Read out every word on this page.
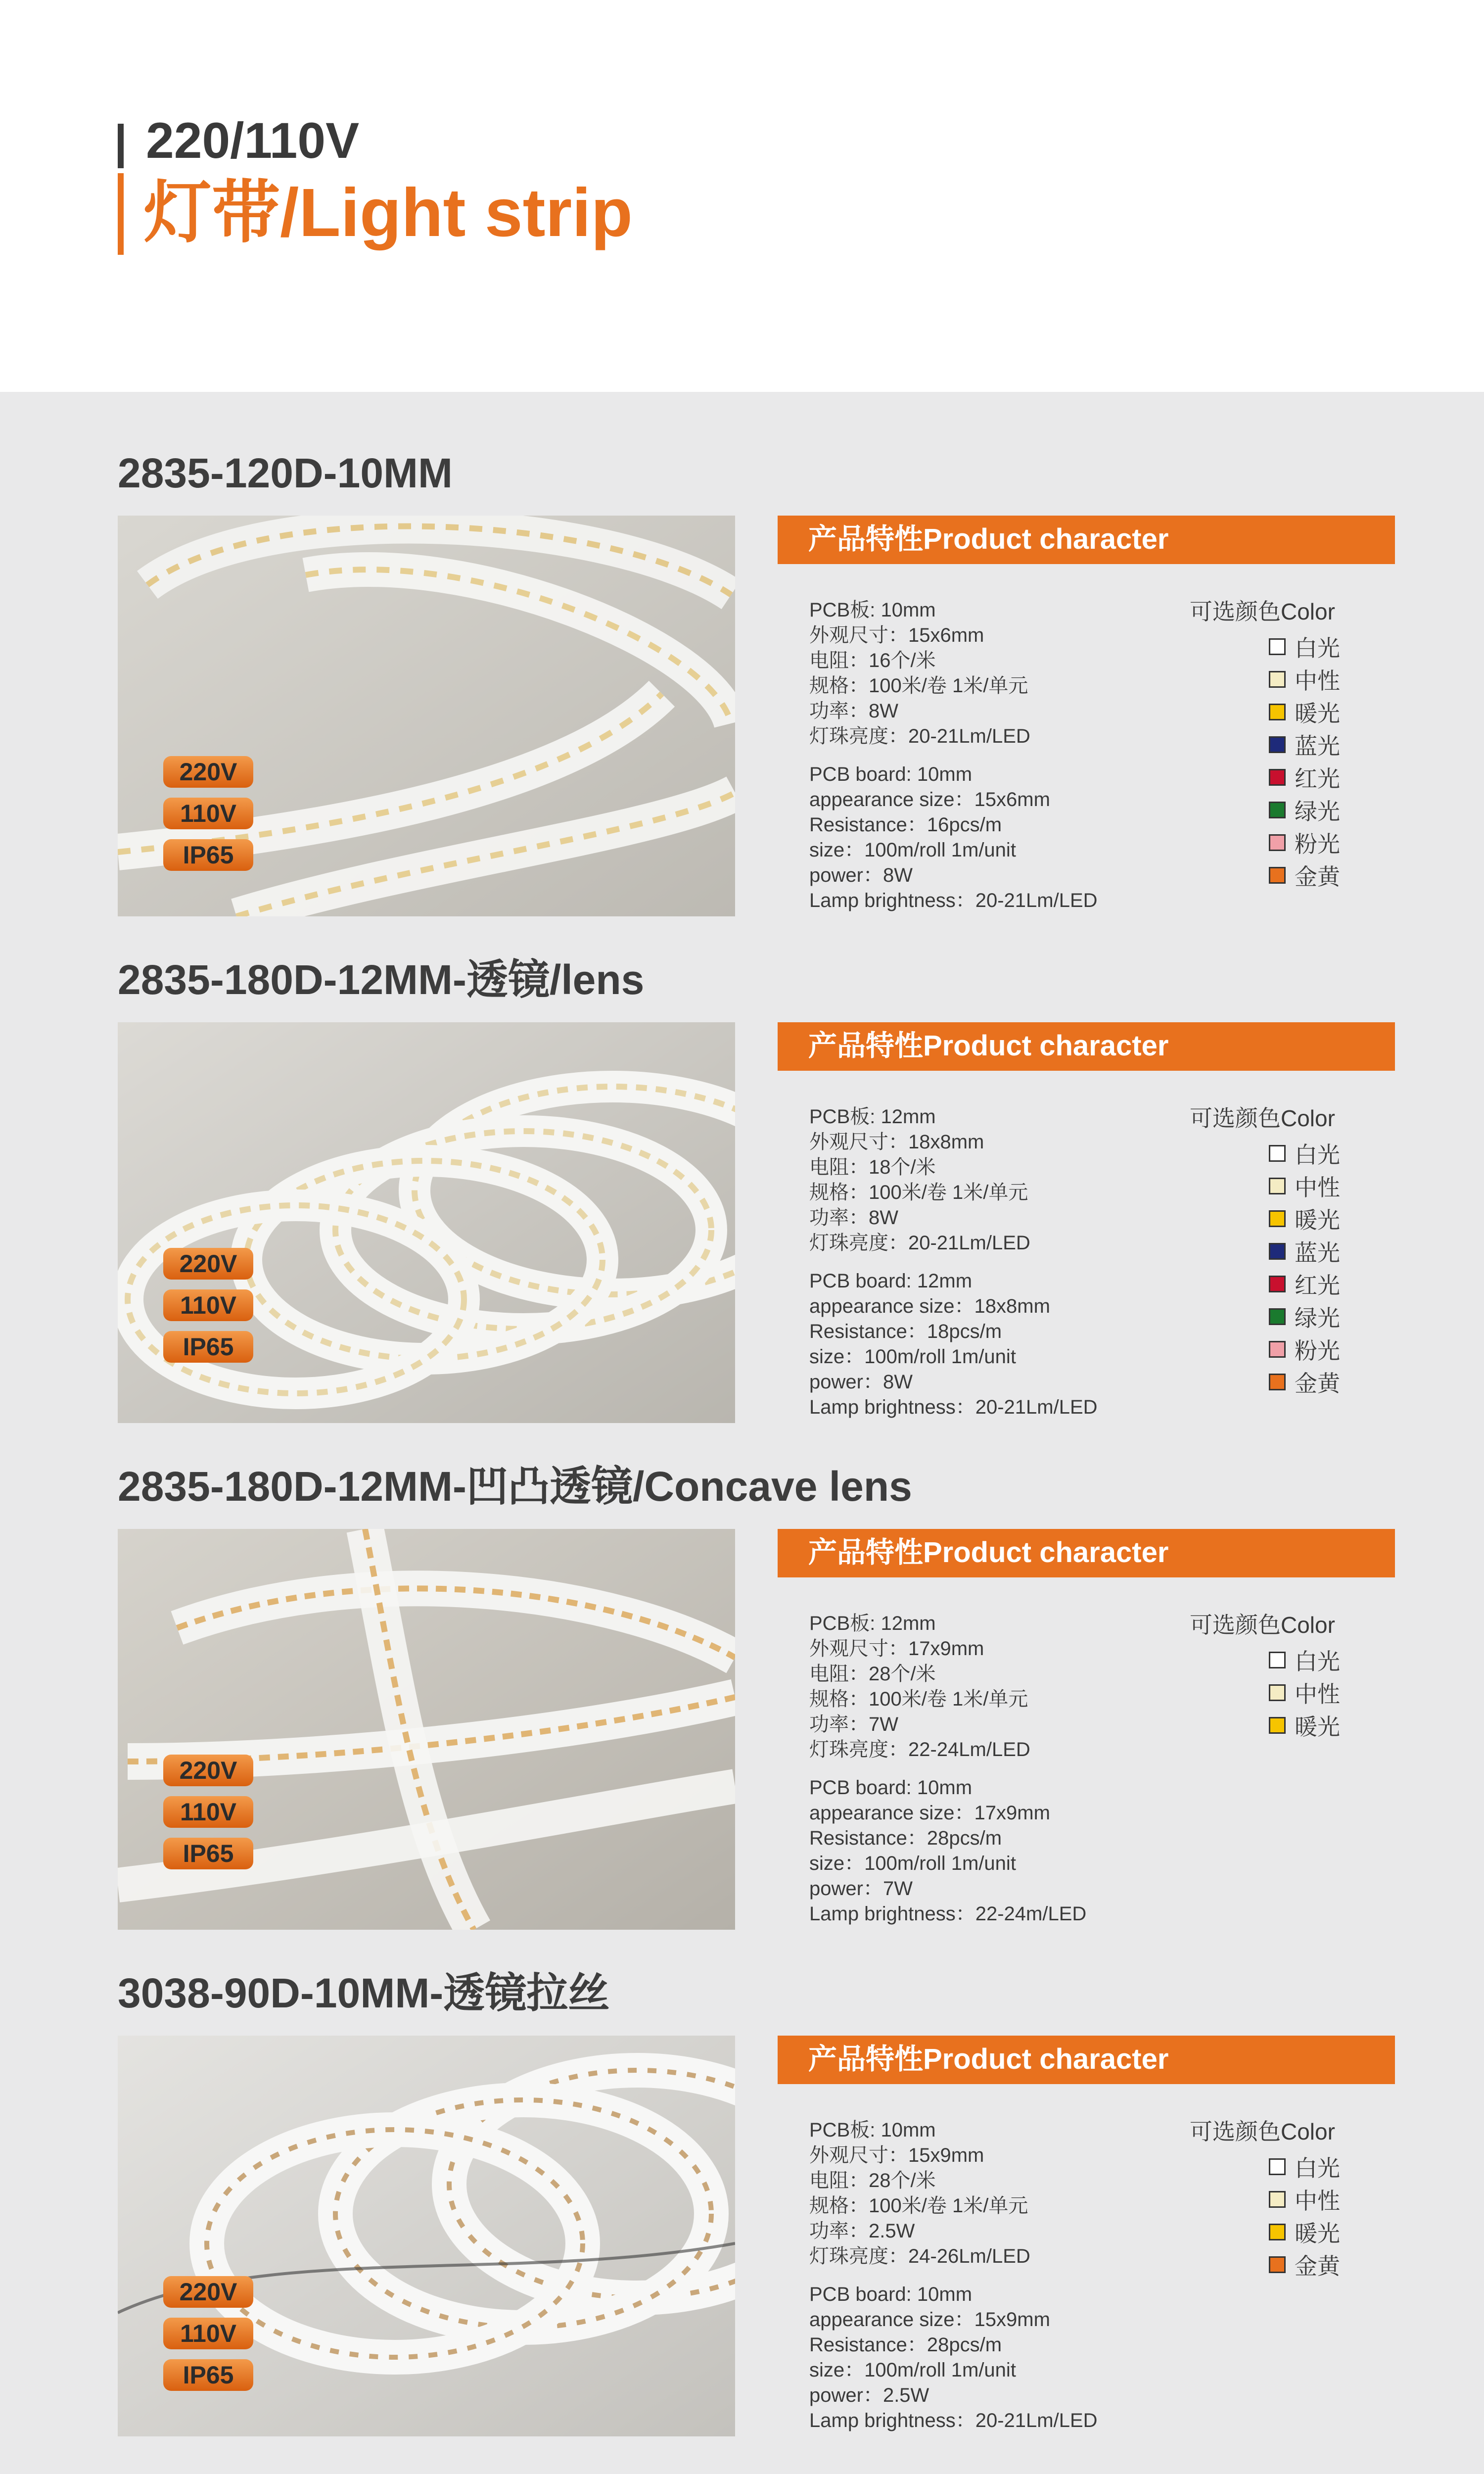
220/110V
灯带/Light strip
2835-120D-10MM
220V
110V
IP65
产品特性Product character
PCB板: 10mm
外观尺寸：15x6mm
电阻：16个/米
规格：100米/卷 1米/单元
功率：8W
灯珠亮度：20-21Lm/LED
PCB board: 10mm
appearance size：15x6mm
Resistance：16pcs/m
size：100m/roll 1m/unit
power：8W
Lamp brightness：20-21Lm/LED
可选颜色Color
白光
中性
暖光
蓝光
红光
绿光
粉光
金黄
2835-180D-12MM-透镜/lens
220V
110V
IP65
产品特性Product character
PCB板: 12mm
外观尺寸：18x8mm
电阻：18个/米
规格：100米/卷 1米/单元
功率：8W
灯珠亮度：20-21Lm/LED
PCB board: 12mm
appearance size：18x8mm
Resistance：18pcs/m
size：100m/roll 1m/unit
power：8W
Lamp brightness：20-21Lm/LED
可选颜色Color
白光
中性
暖光
蓝光
红光
绿光
粉光
金黄
2835-180D-12MM-凹凸透镜/Concave lens
220V
110V
IP65
产品特性Product character
PCB板: 12mm
外观尺寸：17x9mm
电阻：28个/米
规格：100米/卷 1米/单元
功率：7W
灯珠亮度：22-24Lm/LED
PCB board: 10mm
appearance size：17x9mm
Resistance：28pcs/m
size：100m/roll 1m/unit
power：7W
Lamp brightness：22-24m/LED
可选颜色Color
白光
中性
暖光
3038-90D-10MM-透镜拉丝
220V
110V
IP65
产品特性Product character
PCB板: 10mm
外观尺寸：15x9mm
电阻：28个/米
规格：100米/卷 1米/单元
功率：2.5W
灯珠亮度：24-26Lm/LED
PCB board: 10mm
appearance size：15x9mm
Resistance：28pcs/m
size：100m/roll 1m/unit
power：2.5W
Lamp brightness：20-21Lm/LED
可选颜色Color
白光
中性
暖光
金黄
